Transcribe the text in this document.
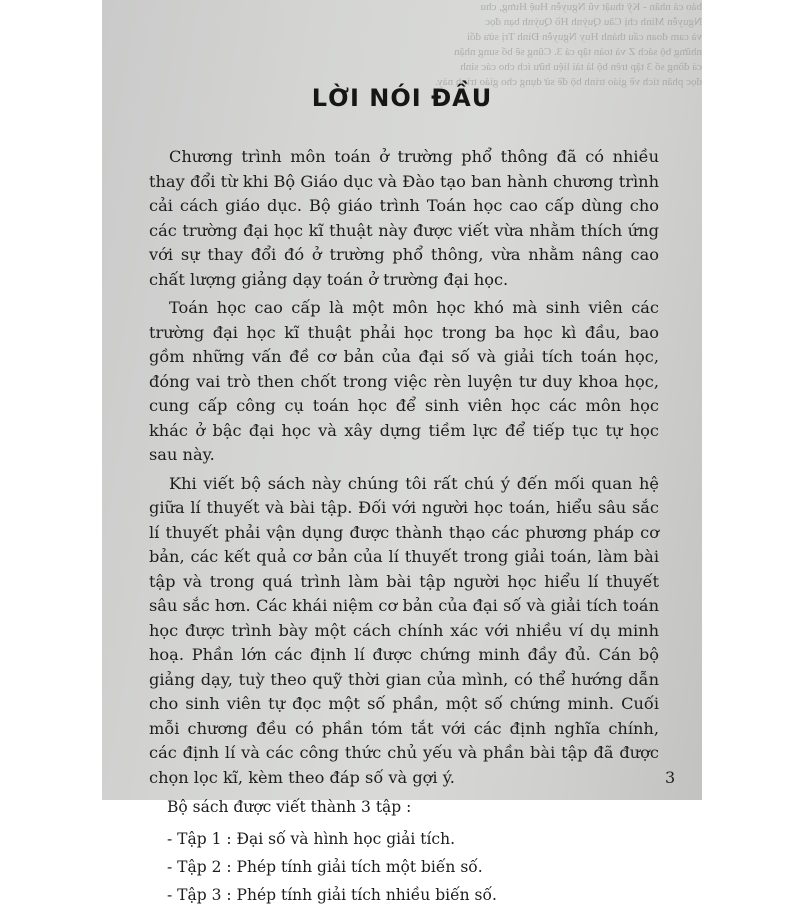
bảo cá nhân - Kỹ thuật vũ Nguyễn Huệ Hưng, chu
Nguyễn Minh chị Câu Quỳnh Hồ Quỳnh bạn đọc
và cam đoan cấu thành Huy Nguyễn Đình Trị sửa đổi
những bộ sách Z và toàn tập cả 3. Cũng sẽ bổ sung nhận
cả đồng số 3 tập trên bộ là tài liệu hữu ích cho các sinh
đọc phân tích về giáo trình bộ đề sử dụng cho giáo trình này.
LỜI NÓI ĐẦU

Chương trình môn toán ở trường phổ thông đã có nhiều thay đổi từ khi Bộ Giáo dục và Đào tạo ban hành chương trình cải cách giáo dục. Bộ giáo trình Toán học cao cấp dùng cho các trường đại học kĩ thuật này được viết vừa nhằm thích ứng với sự thay đổi đó ở trường phổ thông, vừa nhằm nâng cao chất lượng giảng dạy toán ở trường đại học.

Toán học cao cấp là một môn học khó mà sinh viên các trường đại học kĩ thuật phải học trong ba học kì đầu, bao gồm những vấn đề cơ bản của đại số và giải tích toán học, đóng vai trò then chốt trong việc rèn luyện tư duy khoa học, cung cấp công cụ toán học để sinh viên học các môn học khác ở bậc đại học và xây dựng tiềm lực để tiếp tục tự học sau này.

Khi viết bộ sách này chúng tôi rất chú ý đến mối quan hệ giữa lí thuyết và bài tập. Đối với người học toán, hiểu sâu sắc lí thuyết phải vận dụng được thành thạo các phương pháp cơ bản, các kết quả cơ bản của lí thuyết trong giải toán, làm bài tập và trong quá trình làm bài tập người học hiểu lí thuyết sâu sắc hơn. Các khái niệm cơ bản của đại số và giải tích toán học được trình bày một cách chính xác với nhiều ví dụ minh hoạ. Phần lớn các định lí được chứng minh đầy đủ. Cán bộ giảng dạy, tuỳ theo quỹ thời gian của mình, có thể hướng dẫn cho sinh viên tự đọc một số phần, một số chứng minh. Cuối mỗi chương đều có phần tóm tắt với các định nghĩa chính, các định lí và các công thức chủ yếu và phần bài tập đã được chọn lọc kĩ, kèm theo đáp số và gợi ý.

Bộ sách được viết thành 3 tập :

- Tập 1 : Đại số và hình học giải tích.
- Tập 2 : Phép tính giải tích một biến số.
- Tập 3 : Phép tính giải tích nhiều biến số.
3
